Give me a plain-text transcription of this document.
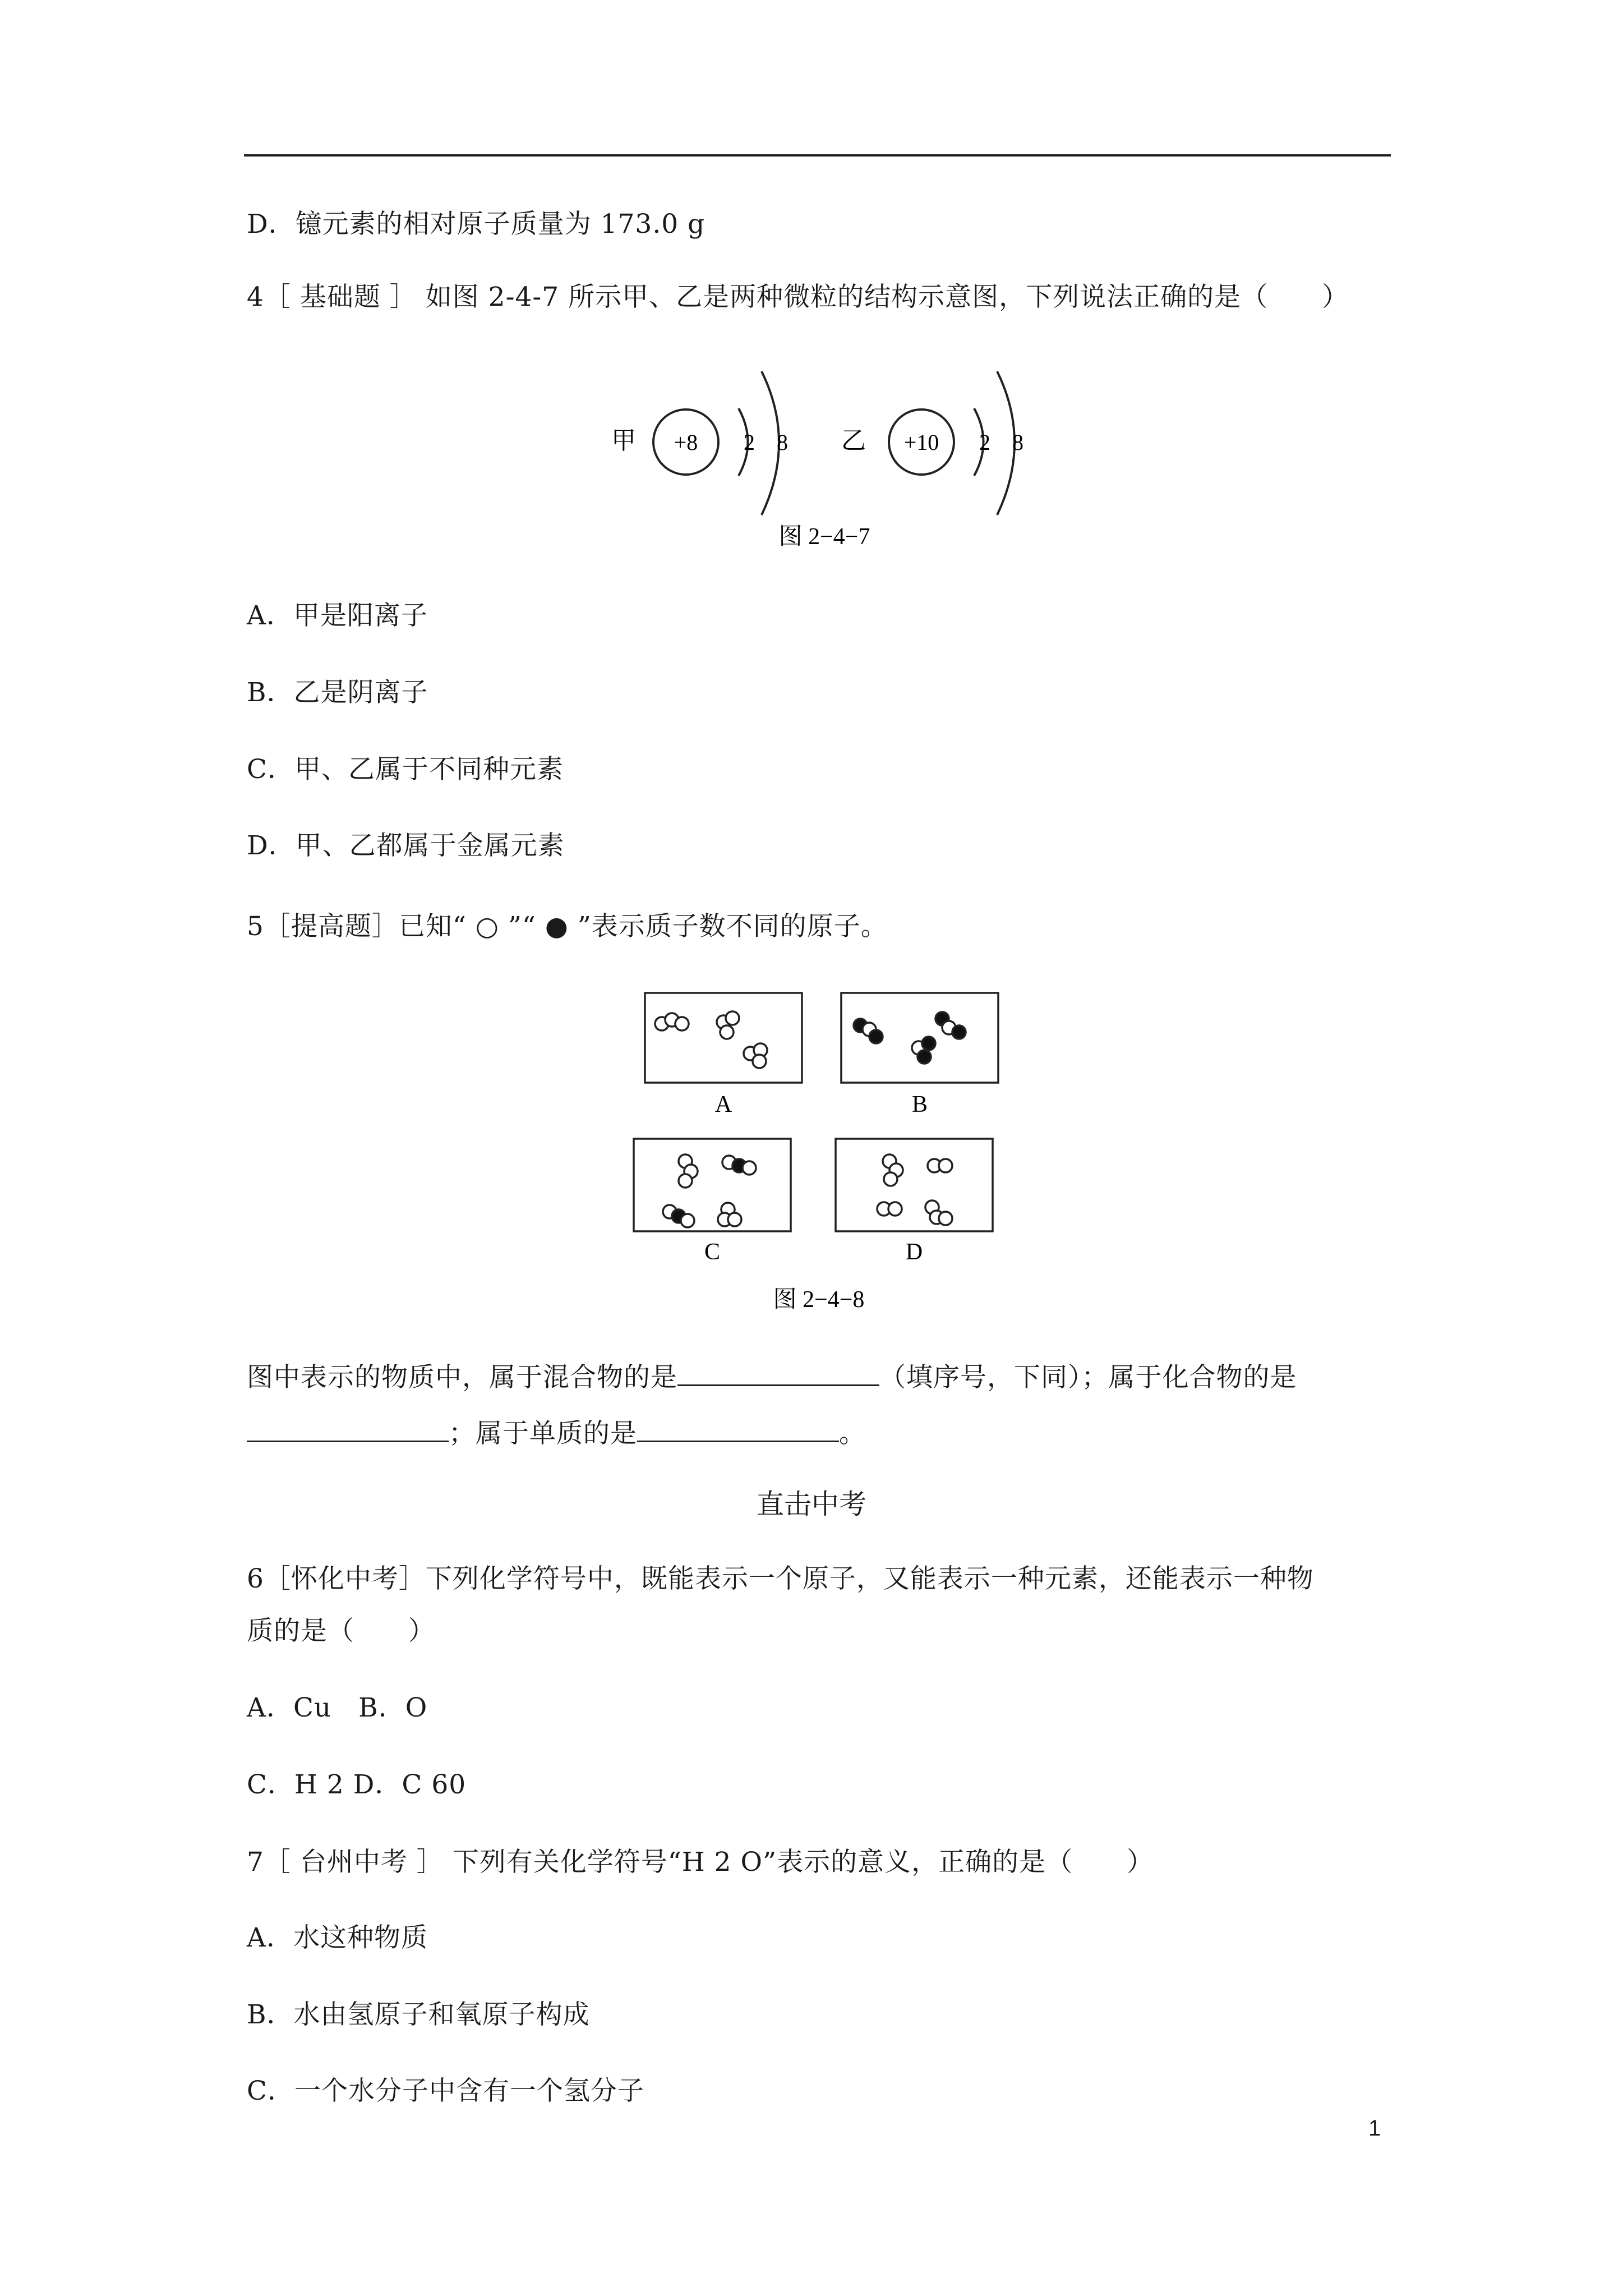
D．镱元素的相对原子质量为 173.0 g
4［ 基础题 ］ 如图 2-4-7 所示甲、乙是两种微粒的结构示意图，下列说法正确的是（　　）
甲 +8 2 8 乙 +10 2 8
图 2−4−7
A．甲是阳离子
B．乙是阴离子
C．甲、乙属于不同种元素
D．甲、乙都属于金属元素
5［提高题］已知“ ○ ”“ ● ”表示质子数不同的原子。
A	B
C	D
图 2−4−8
图中表示的物质中，属于混合物的是	（填序号，下同）；属于化合物的是
；属于单质的是	。
直击中考
6［怀化中考］下列化学符号中，既能表示一个原子，又能表示一种元素，还能表示一种物
质的是（　　）
A．Cu　B．O
C．H 2 D．C 60
7［ 台州中考 ］ 下列有关化学符号“H 2 O”表示的意义，正确的是（　　）
A．水这种物质
B．水由氢原子和氧原子构成
C．一个水分子中含有一个氢分子
1
